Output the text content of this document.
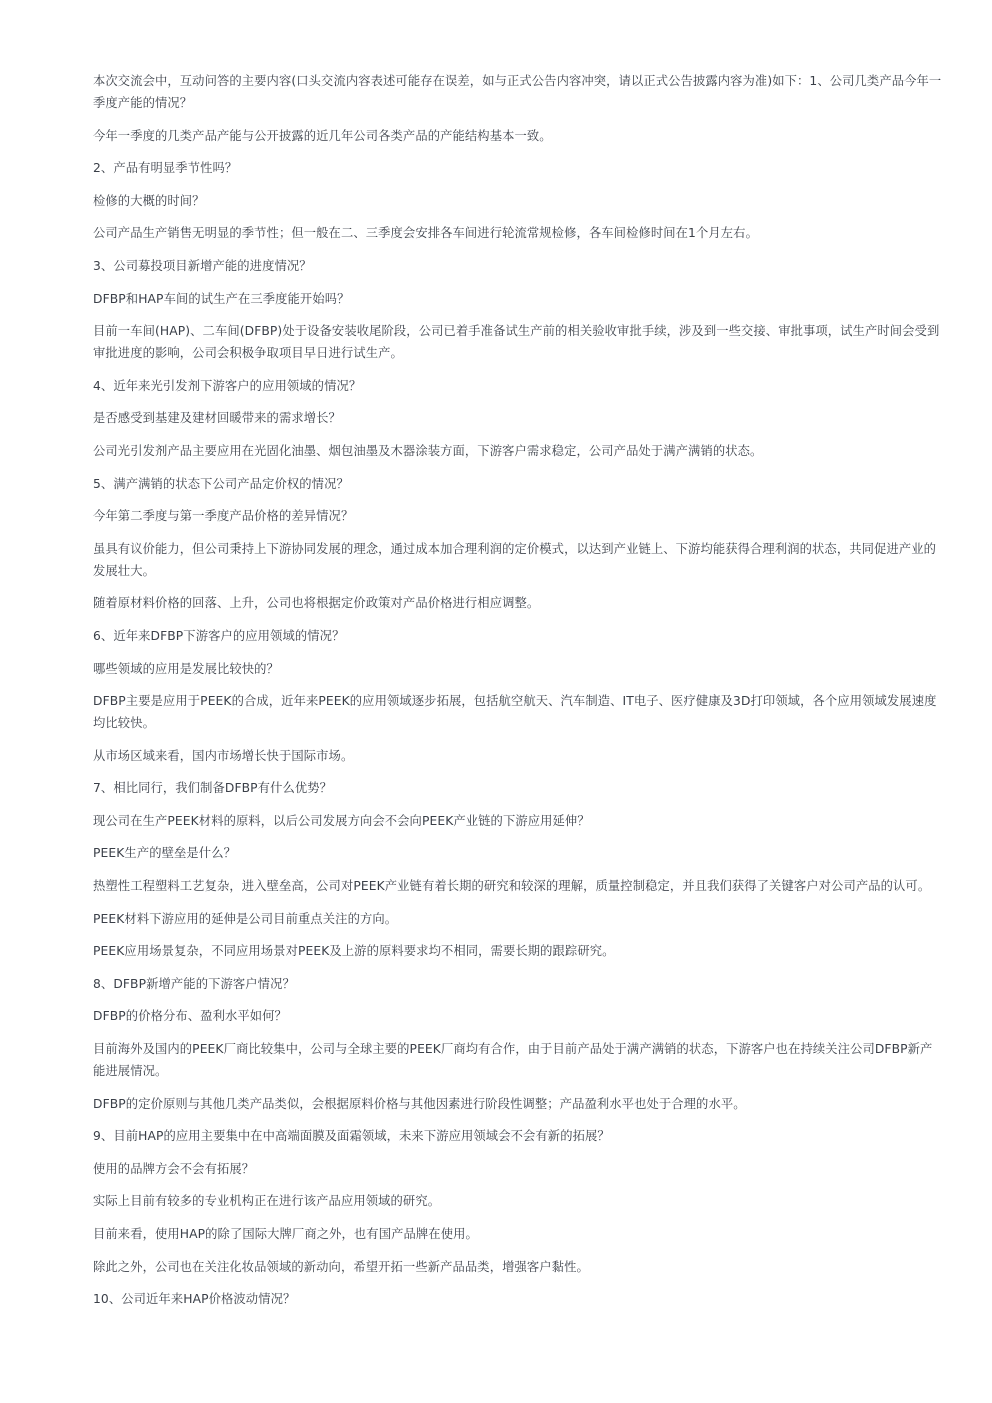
本次交流会中，互动问答的主要内容(口头交流内容表述可能存在误差，如与正式公告内容冲突，请以正式公告披露内容为准)如下：1、公司几类产品今年一季度产能的情况？

今年一季度的几类产品产能与公开披露的近几年公司各类产品的产能结构基本一致。

2、产品有明显季节性吗？

检修的大概的时间？

公司产品生产销售无明显的季节性；但一般在二、三季度会安排各车间进行轮流常规检修，各车间检修时间在1个月左右。

3、公司募投项目新增产能的进度情况？

DFBP和HAP车间的试生产在三季度能开始吗？

目前一车间(HAP)、二车间(DFBP)处于设备安装收尾阶段，公司已着手准备试生产前的相关验收审批手续，涉及到一些交接、审批事项，试生产时间会受到审批进度的影响，公司会积极争取项目早日进行试生产。

4、近年来光引发剂下游客户的应用领域的情况？

是否感受到基建及建材回暖带来的需求增长？

公司光引发剂产品主要应用在光固化油墨、烟包油墨及木器涂装方面，下游客户需求稳定，公司产品处于满产满销的状态。

5、满产满销的状态下公司产品定价权的情况？

今年第二季度与第一季度产品价格的差异情况？

虽具有议价能力，但公司秉持上下游协同发展的理念，通过成本加合理利润的定价模式，以达到产业链上、下游均能获得合理利润的状态，共同促进产业的发展壮大。

随着原材料价格的回落、上升，公司也将根据定价政策对产品价格进行相应调整。

6、近年来DFBP下游客户的应用领域的情况？

哪些领域的应用是发展比较快的？

DFBP主要是应用于PEEK的合成，近年来PEEK的应用领域逐步拓展，包括航空航天、汽车制造、IT电子、医疗健康及3D打印领域，各个应用领域发展速度均比较快。

从市场区域来看，国内市场增长快于国际市场。

7、相比同行，我们制备DFBP有什么优势？

现公司在生产PEEK材料的原料，以后公司发展方向会不会向PEEK产业链的下游应用延伸？

PEEK生产的壁垒是什么？

热塑性工程塑料工艺复杂，进入壁垒高，公司对PEEK产业链有着长期的研究和较深的理解，质量控制稳定，并且我们获得了关键客户对公司产品的认可。

PEEK材料下游应用的延伸是公司目前重点关注的方向。

PEEK应用场景复杂，不同应用场景对PEEK及上游的原料要求均不相同，需要长期的跟踪研究。

8、DFBP新增产能的下游客户情况？

DFBP的价格分布、盈利水平如何？

目前海外及国内的PEEK厂商比较集中，公司与全球主要的PEEK厂商均有合作，由于目前产品处于满产满销的状态，下游客户也在持续关注公司DFBP新产能进展情况。

DFBP的定价原则与其他几类产品类似，会根据原料价格与其他因素进行阶段性调整；产品盈利水平也处于合理的水平。

9、目前HAP的应用主要集中在中高端面膜及面霜领域，未来下游应用领域会不会有新的拓展？

使用的品牌方会不会有拓展？

实际上目前有较多的专业机构正在进行该产品应用领域的研究。

目前来看，使用HAP的除了国际大牌厂商之外，也有国产品牌在使用。

除此之外，公司也在关注化妆品领域的新动向，希望开拓一些新产品品类，增强客户黏性。

10、公司近年来HAP价格波动情况？
